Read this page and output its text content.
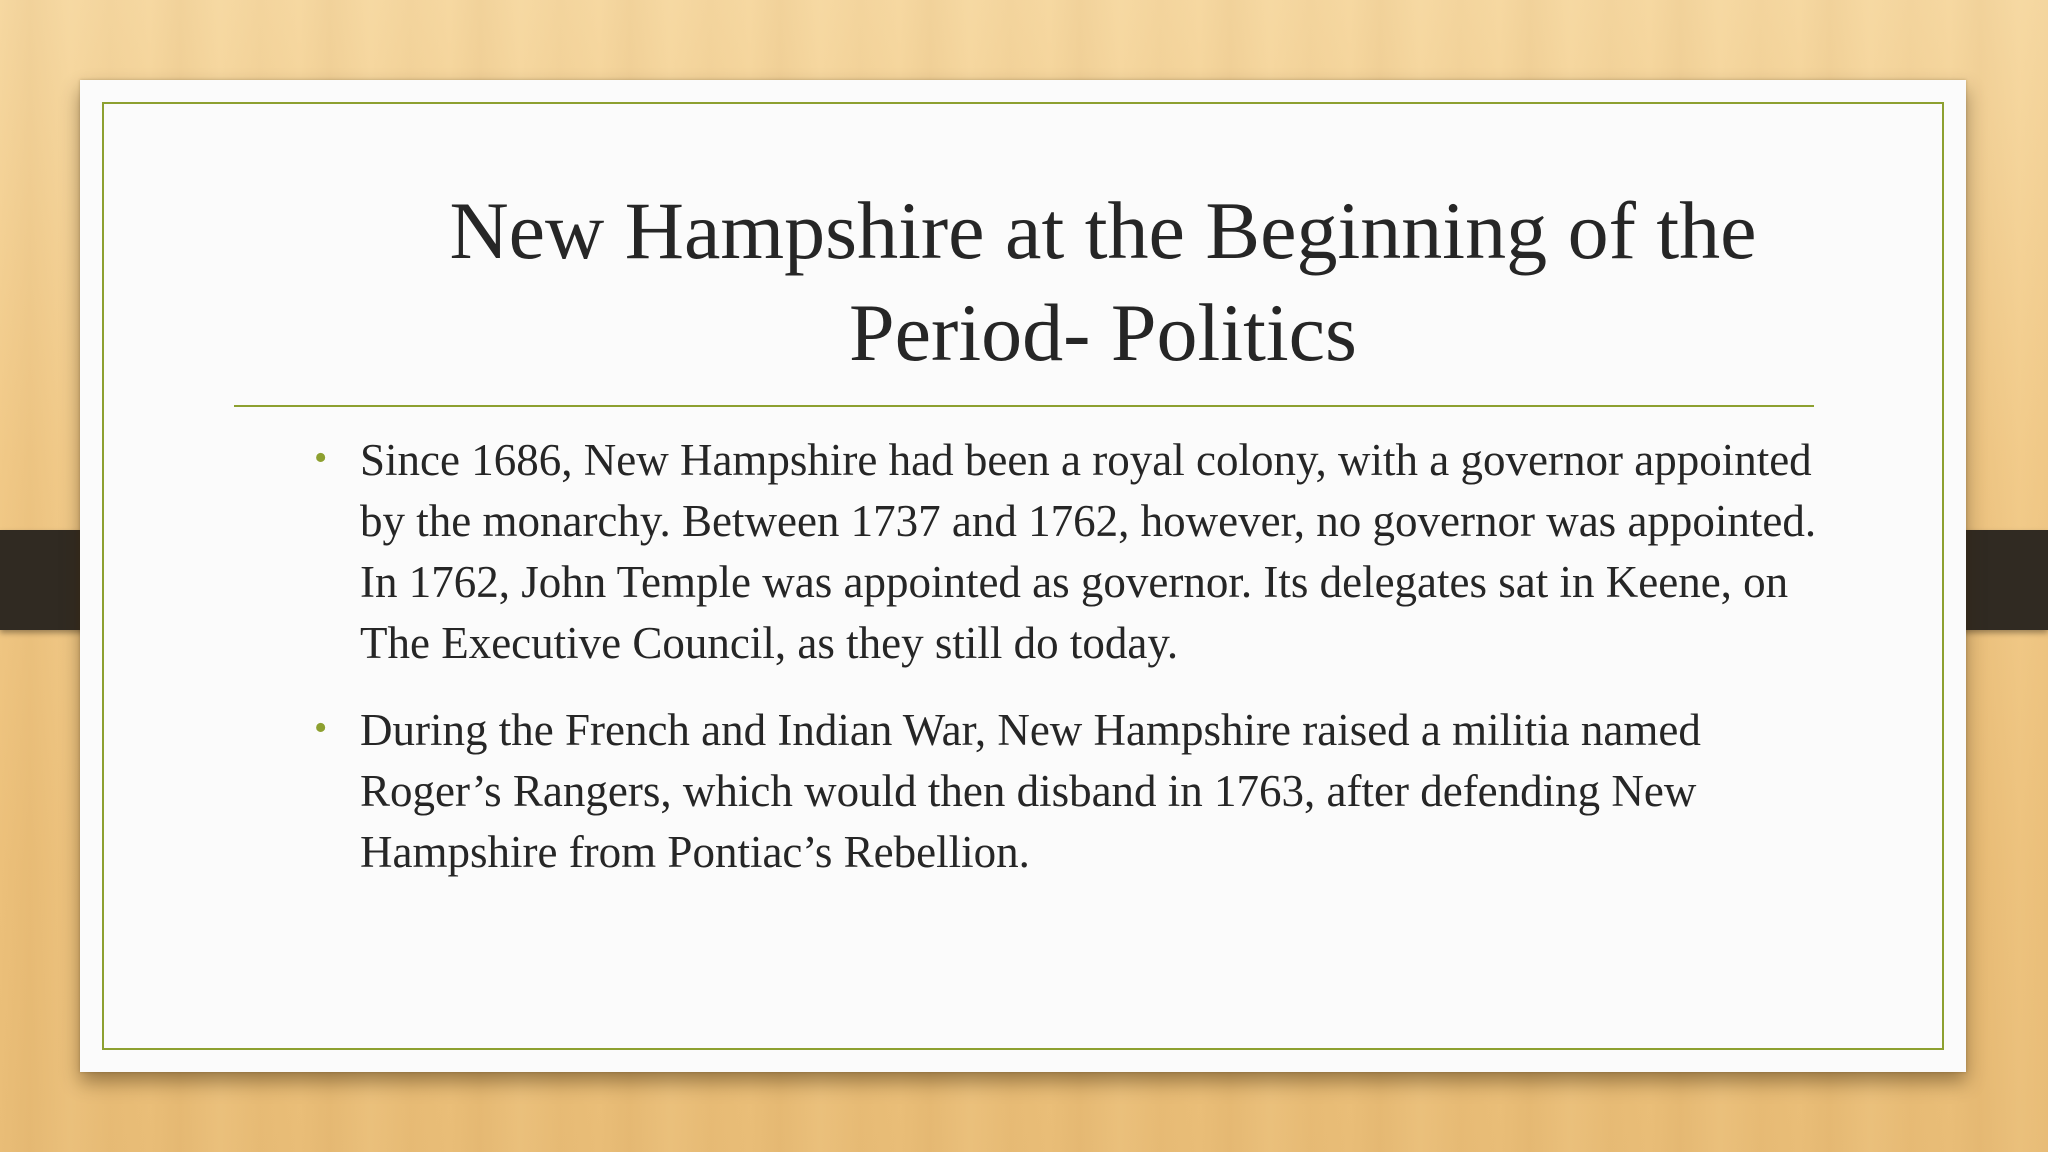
New Hampshire at the Beginning of the
Period- Politics
• Since 1686, New Hampshire had been a royal colony, with a governor appointed by the monarchy. Between 1737 and 1762, however, no governor was appointed. In 1762, John Temple was appointed as governor. Its delegates sat in Keene, on The Executive Council, as they still do today.
• During the French and Indian War, New Hampshire raised a militia named Roger’s Rangers, which would then disband in 1763, after defending New Hampshire from Pontiac’s Rebellion.
